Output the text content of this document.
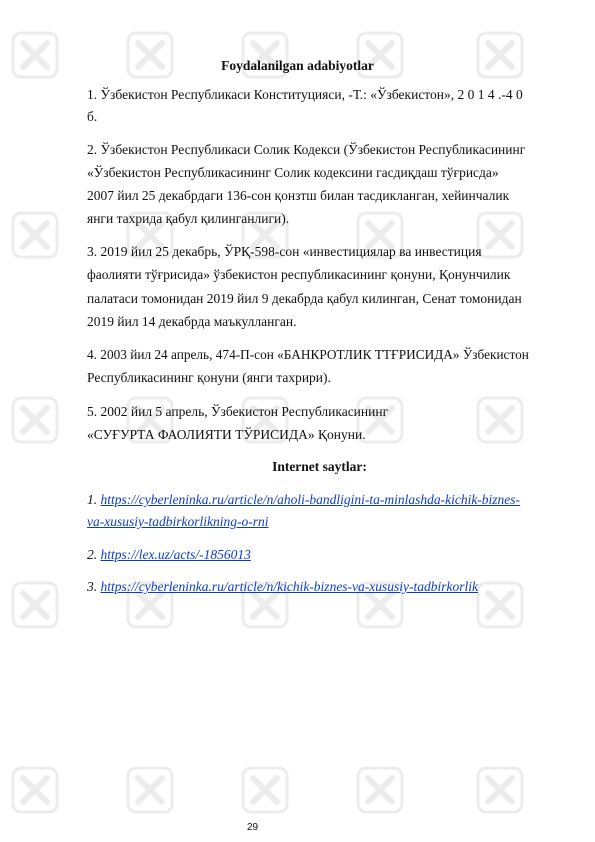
Foydalanilgan adabiyotlar
1. Ўзбекистон Республикаси Конституцияси, -Т.: «Ўзбекистон», 2 0 1 4 .-4 0
б.
2. Ўзбекистон Республикаси Солик Кодекси (Ўзбекистон Республикасининг
«Ўзбекистон Республикасининг Солик кодексини гасдиқдаш тўғрисда»
2007 йил 25 декабрдаги 136-сон қонзтш билан тасдикланган, хейинчалик
янги тахрида қабул қилинганлиги).
3. 2019 йил 25 декабрь, ЎРҚ-598-сон «инвестициялар ва инвестиция
фаолияти тўғрисида» ўзбекистон республикасининг қонуни, Қонунчилик
палатаси томонидан 2019 йил 9 декабрда қабул килинган, Сенат томонидан
2019 йил 14 декабрда маъкулланган.
4. 2003 йил 24 апрель, 474-П-сон «БАНКРОТЛИК ТТҒРИСИДА» Ўзбекистон
Республикасининг қонуни (янги тахрири).
5. 2002 йил 5 апрель, Ўзбекистон Республикасининг
«СУҒУРТА ФАОЛИЯТИ ТЎРИСИДА» Қонуни.
Internet saytlar:
1. https://cyberleninka.ru/article/n/aholi-bandligini-ta-minlashda-kichik-biznes-
va-xususiy-tadbirkorlikning-o-rni
2. https://lex.uz/acts/-1856013
3. https://cyberleninka.ru/article/n/kichik-biznes-va-xususiy-tadbirkorlik
29
